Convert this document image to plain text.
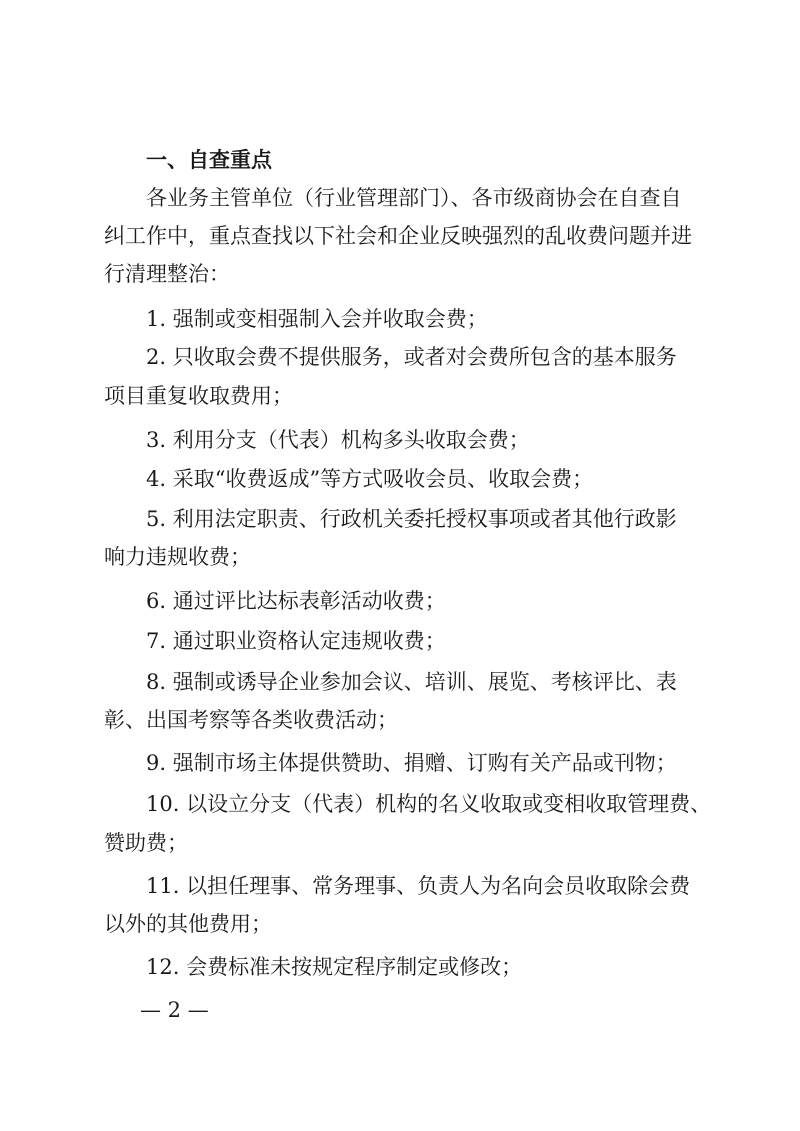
一、自查重点
各业务主管单位（行业管理部门）、各市级商协会在自查自
纠工作中，重点查找以下社会和企业反映强烈的乱收费问题并进
行清理整治：
1. 强制或变相强制入会并收取会费；
2. 只收取会费不提供服务，或者对会费所包含的基本服务
项目重复收取费用；
3. 利用分支（代表）机构多头收取会费；
4. 采取“收费返成”等方式吸收会员、收取会费；
5. 利用法定职责、行政机关委托授权事项或者其他行政影
响力违规收费；
6. 通过评比达标表彰活动收费；
7. 通过职业资格认定违规收费；
8. 强制或诱导企业参加会议、培训、展览、考核评比、表
彰、出国考察等各类收费活动；
9. 强制市场主体提供赞助、捐赠、订购有关产品或刊物；
10. 以设立分支（代表）机构的名义收取或变相收取管理费、
赞助费；
11. 以担任理事、常务理事、负责人为名向会员收取除会费
以外的其他费用；
12. 会费标准未按规定程序制定或修改；
— 2 —
